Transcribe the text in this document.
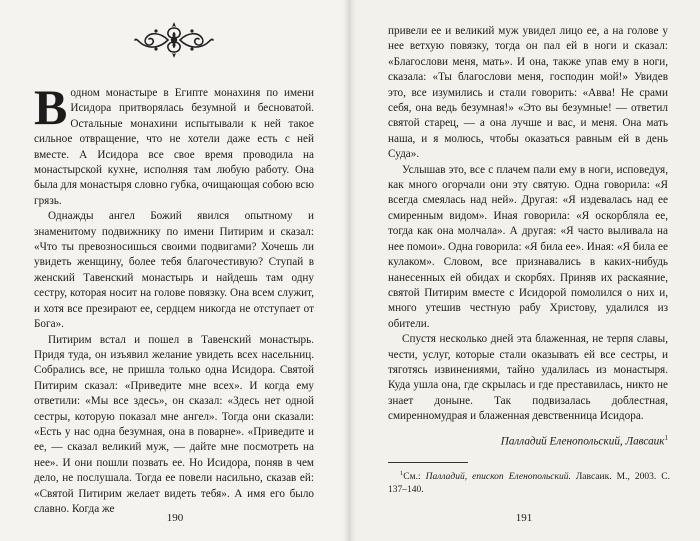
Водном монастыре в Египте монахиня по имени Исидора притворялась безумной и бесноватой. Остальные монахини испытывали к ней такое сильное отвращение, что не хотели даже есть с ней вместе. А Исидора все свое время проводила на монастырской кухне, исполняя там любую работу. Она была для монастыря словно губка, очищающая собою всю грязь.

Однажды ангел Божий явился опытному и знаменитому подвижнику по имени Питирим и сказал: «Что ты превозносишься своими подвигами? Хочешь ли увидеть женщину, более тебя благочестивую? Ступай в женский Тавенский монастырь и найдешь там одну сестру, которая носит на голове повязку. Она всем служит, и хотя все презирают ее, сердцем никогда не отступает от Бога».

Питирим встал и пошел в Тавенский монастырь. Придя туда, он изъявил желание увидеть всех насельниц. Собрались все, не пришла только одна Исидора. Святой Питирим сказал: «Приведите мне всех». И когда ему ответили: «Мы все здесь», он сказал: «Здесь нет одной сестры, которую показал мне ангел». Тогда они сказали: «Есть у нас одна безумная, она в поварне». «Приведите и ее, — сказал великий муж, — дайте мне посмотреть на нее». И они пошли позвать ее. Но Исидора, поняв в чем дело, не послушала. Тогда ее повели насильно, сказав ей: «Святой Питирим желает видеть тебя». А имя его было славно. Когда же

190

привели ее и великий муж увидел лицо ее, а на голове у нее ветхую повязку, тогда он пал ей в ноги и сказал: «Благослови меня, мать». И она, также упав ему в ноги, сказала: «Ты благослови меня, господин мой!» Увидев это, все изумились и стали говорить: «Авва! Не срами себя, она ведь безумная!» «Это вы безумные! — ответил святой старец, — а она лучше и вас, и меня. Она мать наша, и я молюсь, чтобы оказаться равным ей в день Суда».

Услышав это, все с плачем пали ему в ноги, исповедуя, как много огорчали они эту святую. Одна говорила: «Я всегда смеялась над ней». Другая: «Я издевалась над ее смиренным видом». Иная говорила: «Я оскорбляла ее, тогда как она молчала». А другая: «Я часто выливала на нее помои». Одна говорила: «Я била ее». Иная: «Я била ее кулаком». Словом, все признавались в каких-нибудь нанесенных ей обидах и скорбях. Приняв их раскаяние, святой Питирим вместе с Исидорой помолился о них и, много утешив честную рабу Христову, удалился из обители.

Спустя несколько дней эта блаженная, не терпя славы, чести, услуг, которые стали оказывать ей все сестры, и тяготясь извинениями, тайно удалилась из монастыря. Куда ушла она, где скрылась и где преставилась, никто не знает доныне. Так подвизалась доблестная, смиренномудрая и блаженная девственница Исидора.

Палладий Еленопольский, Лавсаик$^1$

$^1$См.: Палладий, епископ Еленопольский. Лавсаик. М., 2003. С. 137–140.
191
